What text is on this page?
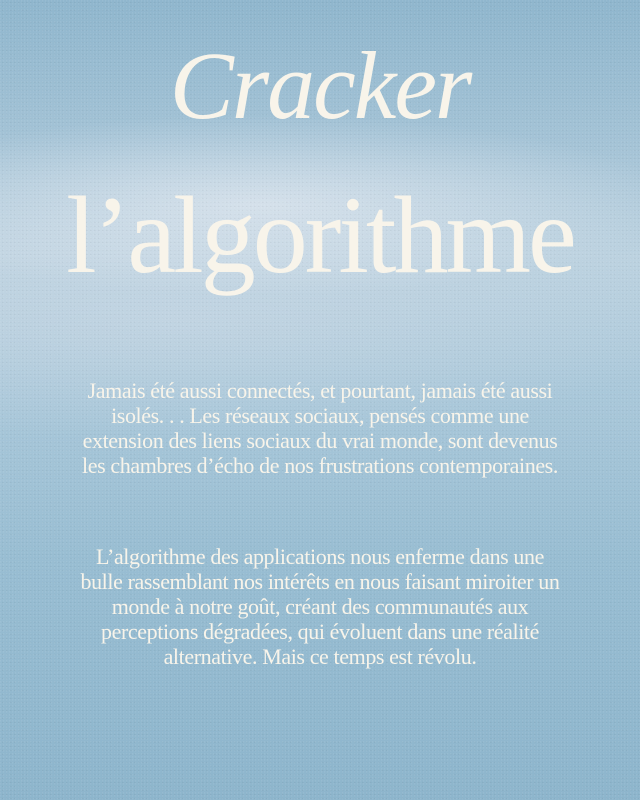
Cracker
l’algorithme

Jamais été aussi connectés, et pourtant, jamais été aussi isolés. . . Les réseaux sociaux, pensés comme une extension des liens sociaux du vrai monde, sont devenus les chambres d’écho de nos frustrations contemporaines.

L’algorithme des applications nous enferme dans une bulle rassemblant nos intérêts en nous faisant miroiter un monde à notre goût, créant des communautés aux perceptions dégradées, qui évoluent dans une réalité alternative. Mais ce temps est révolu.
